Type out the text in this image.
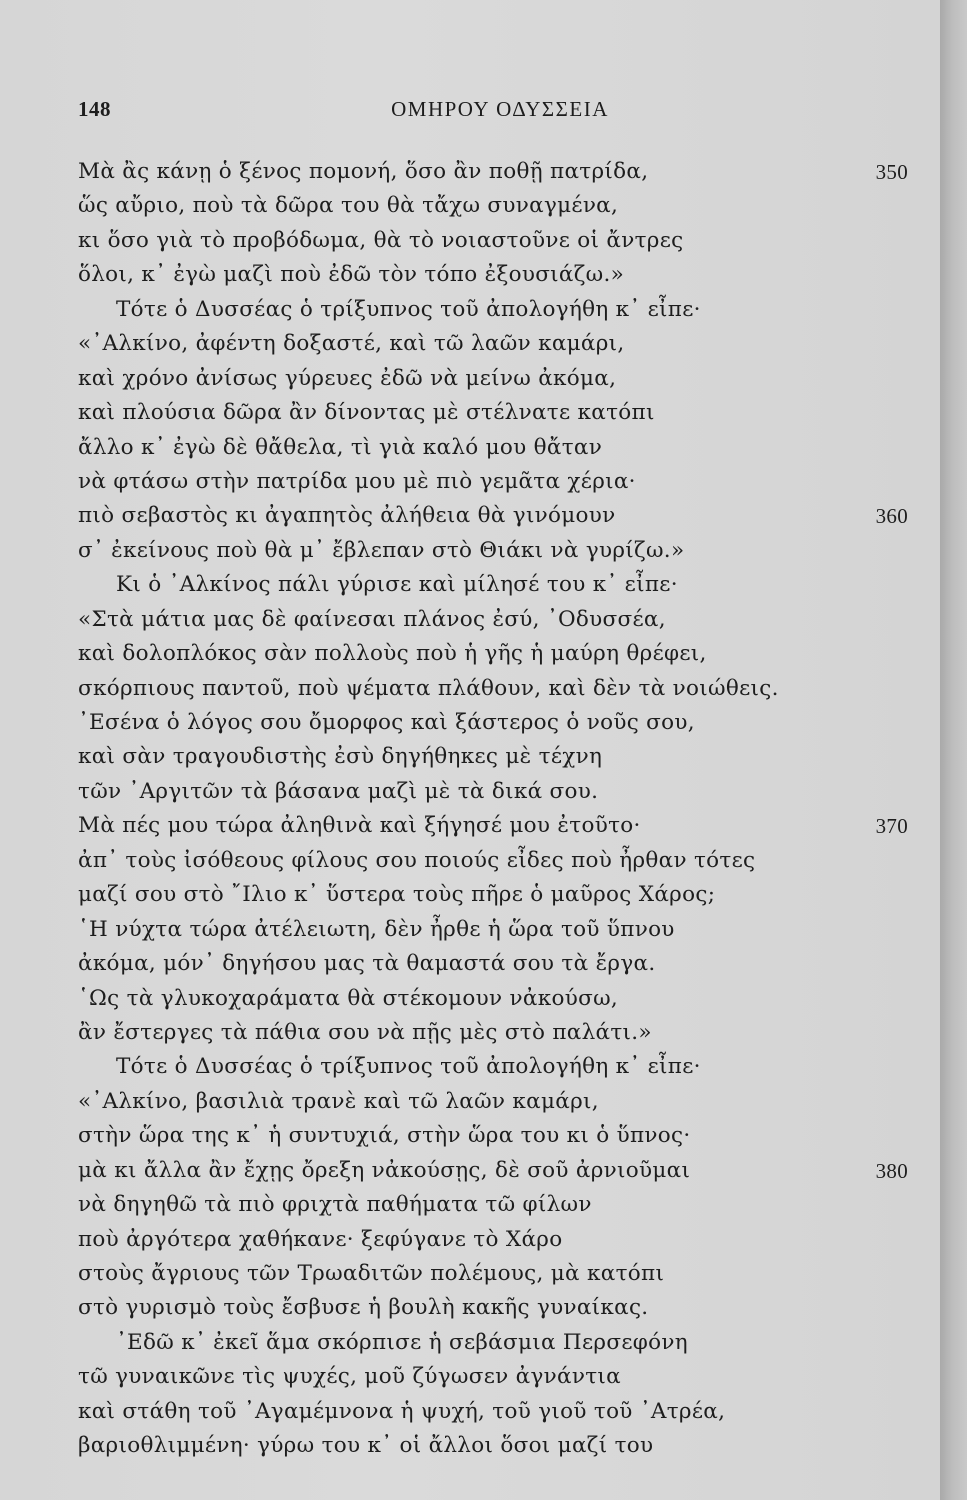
148	ΟΜΗΡΟΥ ΟΔΥΣΣΕΙΑ
Μὰ ἂς κάνῃ ὁ ξένος πομονή, ὅσο ἂν ποθῇ πατρίδα,	350
ὥς αὔριο, ποὺ τὰ δῶρα του θὰ τἄχω συναγμένα,
κι ὅσο γιὰ τὸ προβόδωμα, θὰ τὸ νοιαστοῦνε οἱ ἄντρες
ὅλοι, κ᾿ ἐγὼ μαζὶ ποὺ ἐδῶ τὸν τόπο ἐξουσιάζω.»
Τότε ὁ Δυσσέας ὁ τρίξυπνος τοῦ ἀπολογήθη κ᾿ εἶπε·
«᾿Αλκίνο, ἀφέντη δοξαστέ, καὶ τῶ λαῶν καμάρι,
καὶ χρόνο ἀνίσως γύρευες ἐδῶ νὰ μείνω ἀκόμα,
καὶ πλούσια δῶρα ἂν δίνοντας μὲ στέλνατε κατόπι
ἄλλο κ᾿ ἐγὼ δὲ θἄθελα, τὶ γιὰ καλό μου θἄταν
νὰ φτάσω στὴν πατρίδα μου μὲ πιὸ γεμᾶτα χέρια·
πιὸ σεβαστὸς κι ἀγαπητὸς ἀλήθεια θὰ γινόμουν	360
σ᾿ ἐκείνους ποὺ θὰ μ᾿ ἔβλεπαν στὸ Θιάκι νὰ γυρίζω.»
Κι ὁ ᾿Αλκίνος πάλι γύρισε καὶ μίλησέ του κ᾿ εἶπε·
«Στὰ μάτια μας δὲ φαίνεσαι πλάνος ἐσύ, ᾿Οδυσσέα,
καὶ δολοπλόκος σὰν πολλοὺς ποὺ ἡ γῆς ἡ μαύρη θρέφει,
σκόρπιους παντοῦ, ποὺ ψέματα πλάθουν, καὶ δὲν τὰ νοιώθεις.
᾿Εσένα ὁ λόγος σου ὄμορφος καὶ ξάστερος ὁ νοῦς σου,
καὶ σὰν τραγουδιστὴς ἐσὺ δηγήθηκες μὲ τέχνη
τῶν ᾿Αργιτῶν τὰ βάσανα μαζὶ μὲ τὰ δικά σου.
Μὰ πές μου τώρα ἀληθινὰ καὶ ξήγησέ μου ἐτοῦτο·	370
ἀπ᾿ τοὺς ἰσόθεους φίλους σου ποιούς εἶδες ποὺ ἦρθαν τότες
μαζί σου στὸ ῎Ιλιο κ᾿ ὕστερα τοὺς πῆρε ὁ μαῦρος Χάρος;
῾Η νύχτα τώρα ἀτέλειωτη, δὲν ἦρθε ἡ ὥρα τοῦ ὕπνου
ἀκόμα, μόν᾿ δηγήσου μας τὰ θαμαστά σου τὰ ἔργα.
῾Ως τὰ γλυκοχαράματα θὰ στέκομουν νἀκούσω,
ἂν ἔστεργες τὰ πάθια σου νὰ πῇς μὲς στὸ παλάτι.»
Τότε ὁ Δυσσέας ὁ τρίξυπνος τοῦ ἀπολογήθη κ᾿ εἶπε·
«᾿Αλκίνο, βασιλιὰ τρανὲ καὶ τῶ λαῶν καμάρι,
στὴν ὥρα της κ᾿ ἡ συντυχιά, στὴν ὥρα του κι ὁ ὕπνος·
μὰ κι ἄλλα ἂν ἔχῃς ὄρεξη νἀκούσῃς, δὲ σοῦ ἀρνιοῦμαι	380
νὰ δηγηθῶ τὰ πιὸ φριχτὰ παθήματα τῶ φίλων
ποὺ ἀργότερα χαθήκανε· ξεφύγανε τὸ Χάρο
στοὺς ἄγριους τῶν Τρωαδιτῶν πολέμους, μὰ κατόπι
στὸ γυρισμὸ τοὺς ἔσβυσε ἡ βουλὴ κακῆς γυναίκας.
᾿Εδῶ κ᾿ ἐκεῖ ἅμα σκόρπισε ἡ σεβάσμια Περσεφόνη
τῶ γυναικῶνε τὶς ψυχές, μοῦ ζύγωσεν ἀγνάντια
καὶ στάθη τοῦ ᾿Αγαμέμνονα ἡ ψυχή, τοῦ γιοῦ τοῦ ᾿Ατρέα,
βαριοθλιμμένη· γύρω του κ᾿ οἱ ἄλλοι ὅσοι μαζί του
